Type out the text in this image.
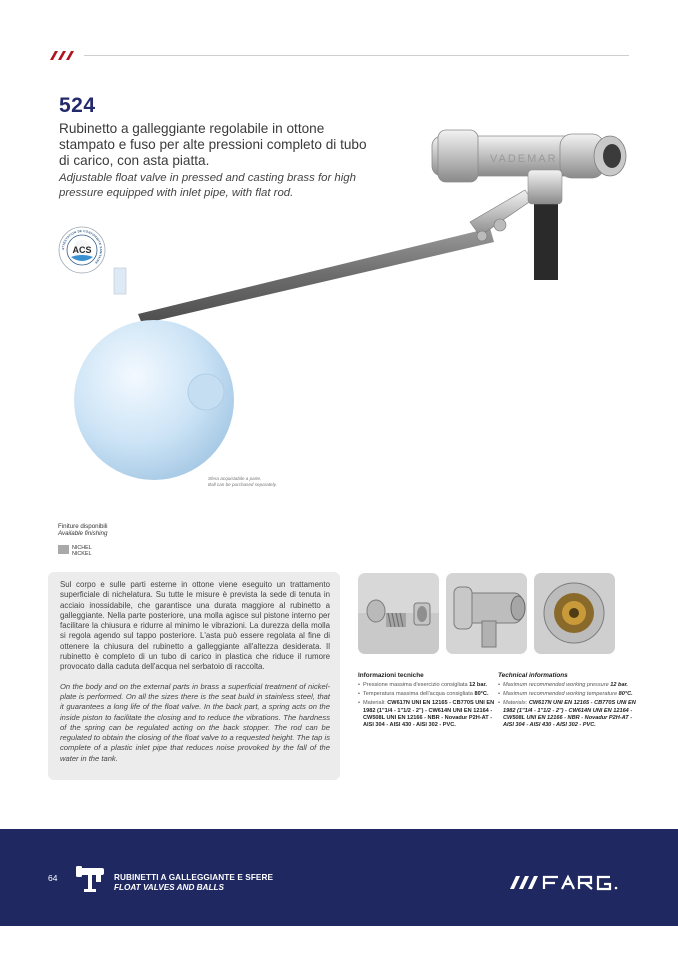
524
Rubinetto a galleggiante regolabile in ottone stampato e fuso per alte pressioni completo di tubo di carico, con asta piatta.
Adjustable float valve in pressed and casting brass for high pressure equipped with inlet pipe, with flat rod.
VADEMAR
ACS
ATTESTATION DE CONFORMITE SANITAIRE
Sfera acquistabile a parte.
Ball can be purchased separately.
Finiture disponibili
Available finishing
NICHEL
NICKEL

Sul corpo e sulle parti esterne in ottone viene eseguito un trattamento superficiale di nichelatura. Su tutte le misure è prevista la sede di tenuta in acciaio inossidabile, che garantisce una durata maggiore al rubinetto a galleggiante. Nella parte posteriore, una molla agisce sul pistone interno per facilitare la chiusura e ridurre al minimo le vibrazioni. La durezza della molla si regola agendo sul tappo posteriore. L'asta può essere regolata al fine di ottenere la chiusura del rubinetto a galleggiante all'altezza desiderata. Il rubinetto è completo di un tubo di carico in plastica che riduce il rumore provocato dalla caduta dell'acqua nel serbatoio di raccolta.

On the body and on the external parts in brass a superficial treatment of nickel-plate is performed. On all the sizes there is the seat build in stainless steel, that it guarantees a long life of the float valve. In the back part, a spring acts on the inside piston to facilitate the closing and to reduce the vibrations. The hardness of the spring can be regulated acting on the back stopper. The rod can be regulated to obtain the closing of the float valve to a requested height. The tap is complete of a plastic inlet pipe that reduces noise provoked by the fall of the water in the tank.

Informazioni tecniche
• Pressione massima d'esercizio consigliata 12 bar.
• Temperatura massima dell'acqua consigliata 80°C.
• Materiali: CW617N UNI EN 12165 - CB770S UNI EN 1982 (1"1/4 - 1"1/2 - 2") - CW614N UNI EN 12164 - CW508L UNI EN 12166 - NBR - Novadur P2H-AT - AISI 304 - AISI 430 - AISI 302 - PVC.
Technical informations
• Maximum recommended working pressure 12 bar.
• Maximum recommended working temperature 80°C.
• Materials: CW617N UNI EN 12165 - CB770S UNI EN 1982 (1"1/4 - 1"1/2 - 2") - CW614N UNI EN 12164 - CW508L UNI EN 12166 - NBR - Novadur P2H-AT - AISI 304 - AISI 430 - AISI 302 - PVC.
64	RUBINETTI A GALLEGGIANTE E SFERE
FLOAT VALVES AND BALLS
